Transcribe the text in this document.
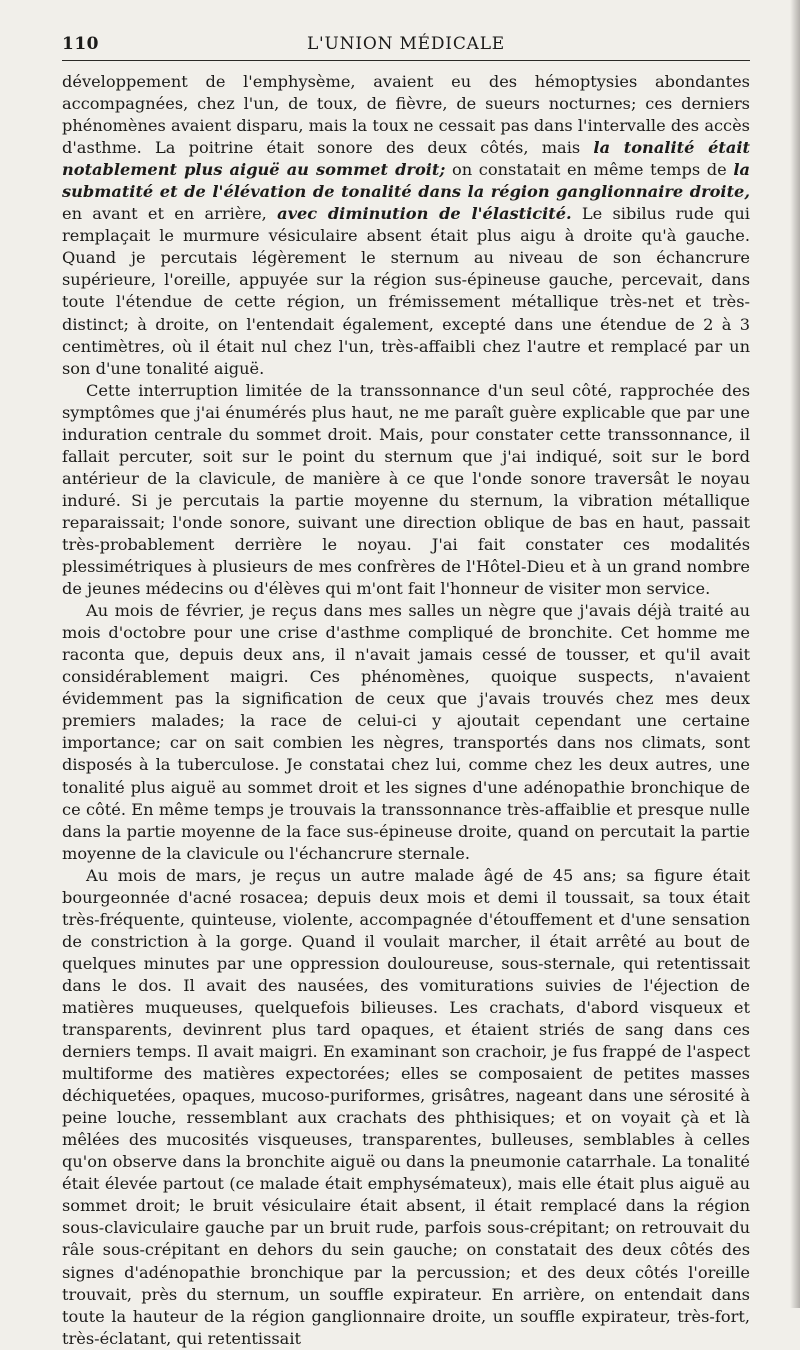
110	L'UNION MÉDICALE

développement de l'emphysème, avaient eu des hémoptysies abondantes accompagnées, chez l'un, de toux, de fièvre, de sueurs nocturnes; ces derniers phénomènes avaient disparu, mais la toux ne cessait pas dans l'intervalle des accès d'asthme. La poitrine était sonore des deux côtés, mais la tonalité était notablement plus aiguë au sommet droit; on constatait en même temps de la submatité et de l'élévation de tonalité dans la région ganglionnaire droite, en avant et en arrière, avec diminution de l'élasticité. Le sibilus rude qui remplaçait le murmure vésiculaire absent était plus aigu à droite qu'à gauche. Quand je percutais légèrement le sternum au niveau de son échancrure supérieure, l'oreille, appuyée sur la région sus-épineuse gauche, percevait, dans toute l'étendue de cette région, un frémissement métallique très-net et très-distinct; à droite, on l'entendait également, excepté dans une étendue de 2 à 3 centimètres, où il était nul chez l'un, très-affaibli chez l'autre et remplacé par un son d'une tonalité aiguë.

Cette interruption limitée de la transsonnance d'un seul côté, rapprochée des symptômes que j'ai énumérés plus haut, ne me paraît guère explicable que par une induration centrale du sommet droit. Mais, pour constater cette transsonnance, il fallait percuter, soit sur le point du sternum que j'ai indiqué, soit sur le bord antérieur de la clavicule, de manière à ce que l'onde sonore traversât le noyau induré. Si je percutais la partie moyenne du sternum, la vibration métallique reparaissait; l'onde sonore, suivant une direction oblique de bas en haut, passait très-probablement derrière le noyau. J'ai fait constater ces modalités plessimétriques à plusieurs de mes confrères de l'Hôtel-Dieu et à un grand nombre de jeunes médecins ou d'élèves qui m'ont fait l'honneur de visiter mon service.

Au mois de février, je reçus dans mes salles un nègre que j'avais déjà traité au mois d'octobre pour une crise d'asthme compliqué de bronchite. Cet homme me raconta que, depuis deux ans, il n'avait jamais cessé de tousser, et qu'il avait considérablement maigri. Ces phénomènes, quoique suspects, n'avaient évidemment pas la signification de ceux que j'avais trouvés chez mes deux premiers malades; la race de celui-ci y ajoutait cependant une certaine importance; car on sait combien les nègres, transportés dans nos climats, sont disposés à la tuberculose. Je constatai chez lui, comme chez les deux autres, une tonalité plus aiguë au sommet droit et les signes d'une adénopathie bronchique de ce côté. En même temps je trouvais la transsonnance très-affaiblie et presque nulle dans la partie moyenne de la face sus-épineuse droite, quand on percutait la partie moyenne de la clavicule ou l'échancrure sternale.

Au mois de mars, je reçus un autre malade âgé de 45 ans; sa figure était bourgeonnée d'acné rosacea; depuis deux mois et demi il toussait, sa toux était très-fréquente, quinteuse, violente, accompagnée d'étouffement et d'une sensation de constriction à la gorge. Quand il voulait marcher, il était arrêté au bout de quelques minutes par une oppression douloureuse, sous-sternale, qui retentissait dans le dos. Il avait des nausées, des vomiturations suivies de l'éjection de matières muqueuses, quelquefois bilieuses. Les crachats, d'abord visqueux et transparents, devinrent plus tard opaques, et étaient striés de sang dans ces derniers temps. Il avait maigri. En examinant son crachoir, je fus frappé de l'aspect multiforme des matières expectorées; elles se composaient de petites masses déchiquetées, opaques, mucoso-puriformes, grisâtres, nageant dans une sérosité à peine louche, ressemblant aux crachats des phthisiques; et on voyait çà et là mêlées des mucosités visqueuses, transparentes, bulleuses, semblables à celles qu'on observe dans la bronchite aiguë ou dans la pneumonie catarrhale. La tonalité était élevée partout (ce malade était emphysémateux), mais elle était plus aiguë au sommet droit; le bruit vésiculaire était absent, il était remplacé dans la région sous-claviculaire gauche par un bruit rude, parfois sous-crépitant; on retrouvait du râle sous-crépitant en dehors du sein gauche; on constatait des deux côtés des signes d'adénopathie bronchique par la percussion; et des deux côtés l'oreille trouvait, près du sternum, un souffle expirateur. En arrière, on entendait dans toute la hauteur de la région ganglionnaire droite, un souffle expirateur, très-fort, très-éclatant, qui retentissait
